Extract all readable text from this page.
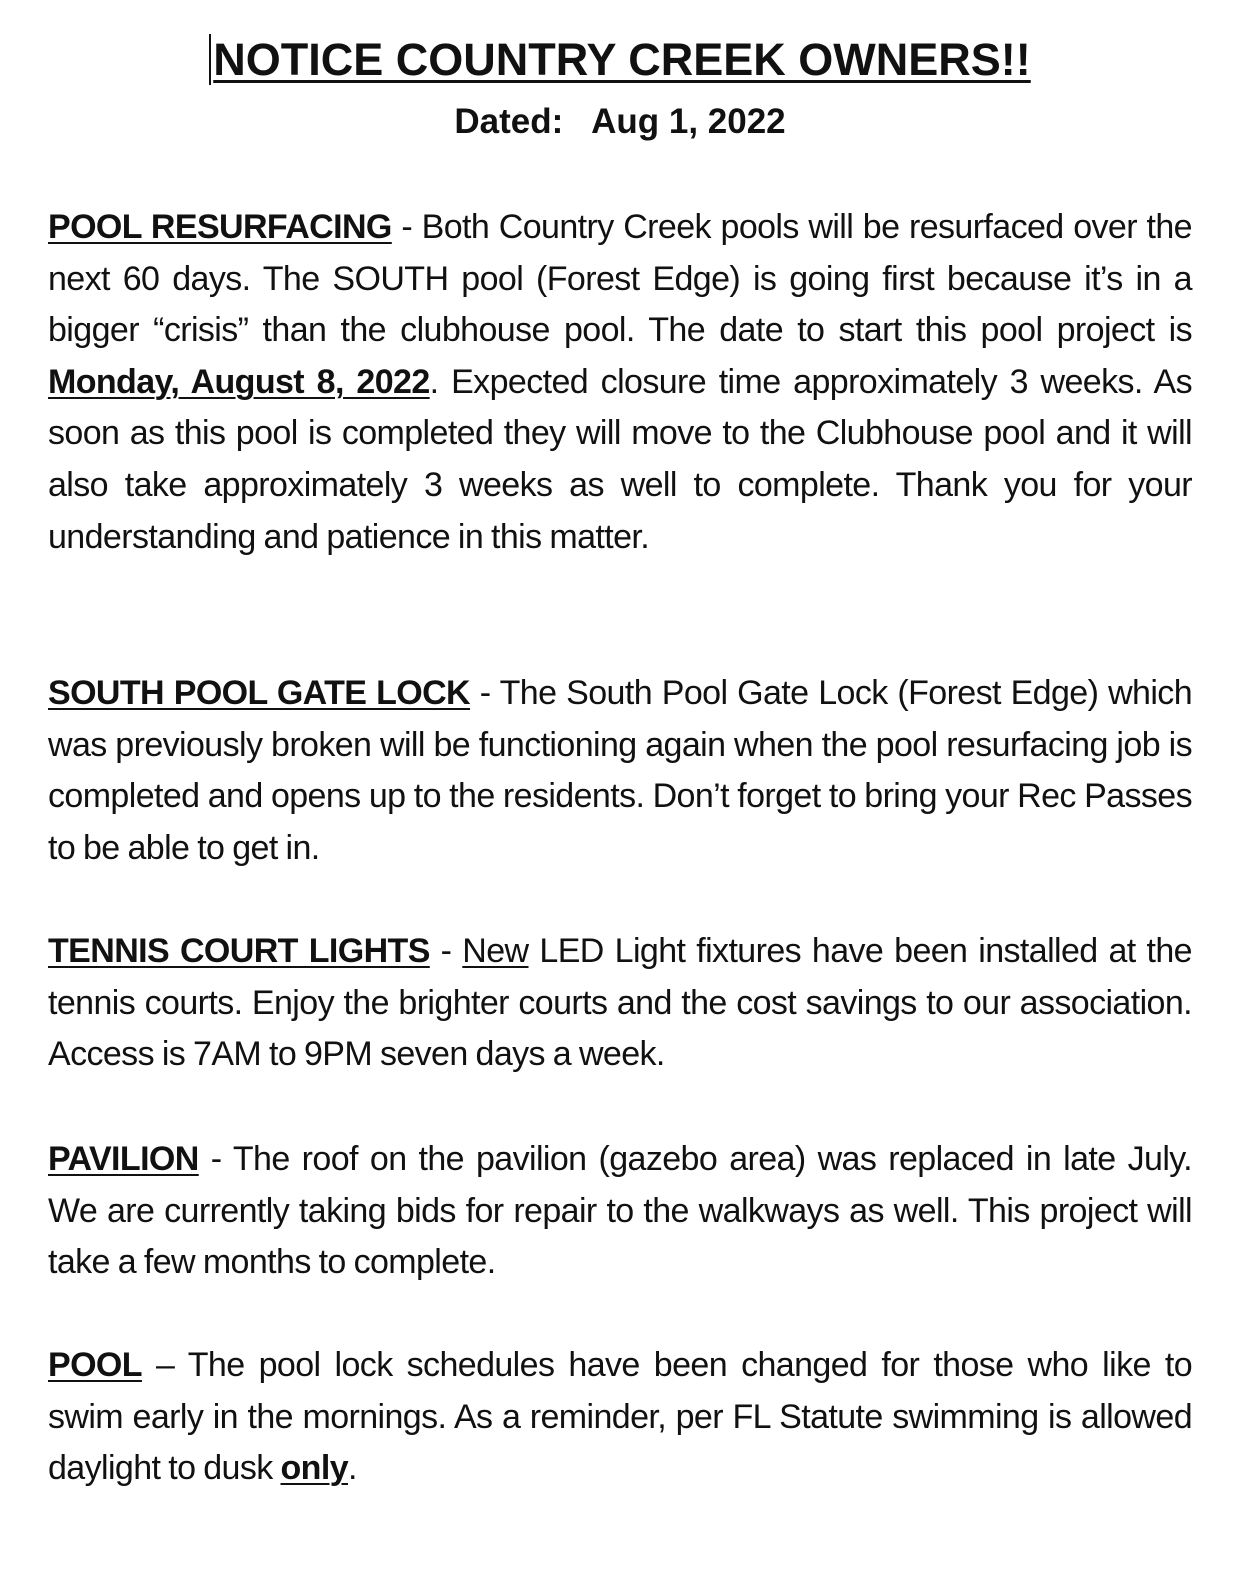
NOTICE COUNTRY CREEK OWNERS!!
Dated:   Aug 1, 2022

POOL RESURFACING - Both Country Creek pools will be resurfaced over the next 60 days. The SOUTH pool (Forest Edge) is going first because it’s in a bigger “crisis” than the clubhouse pool. The date to start this pool project is Monday, August 8, 2022. Expected closure time approximately 3 weeks. As soon as this pool is completed they will move to the Clubhouse pool and it will also take approximately 3 weeks as well to complete. Thank you for your understanding and patience in this matter.

SOUTH POOL GATE LOCK - The South Pool Gate Lock (Forest Edge) which was previously broken will be functioning again when the pool resurfacing job is completed and opens up to the residents. Don’t forget to bring your Rec Passes to be able to get in.

TENNIS COURT LIGHTS - New LED Light fixtures have been installed at the tennis courts. Enjoy the brighter courts and the cost savings to our association. Access is 7AM to 9PM seven days a week.

PAVILION - The roof on the pavilion (gazebo area) was replaced in late July. We are currently taking bids for repair to the walkways as well. This project will take a few months to complete.

POOL – The pool lock schedules have been changed for those who like to swim early in the mornings. As a reminder, per FL Statute swimming is allowed daylight to dusk only.
